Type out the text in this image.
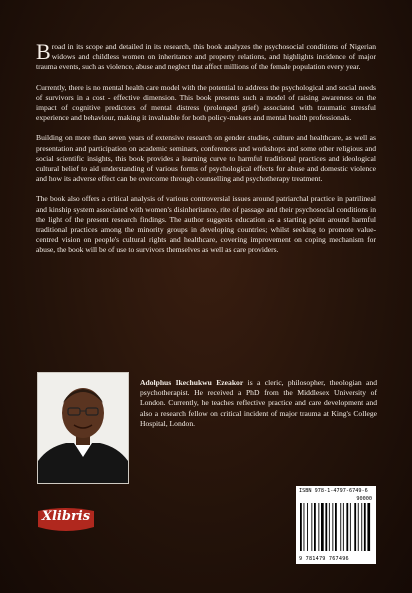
Broad in its scope and detailed in its research, this book analyzes the psychosocial conditions of Nigerian widows and childless women on inheritance and property relations, and highlights incidence of major trauma events, such as violence, abuse and neglect that affect millions of the female population every year.

Currently, there is no mental health care model with the potential to address the psychological and social needs of survivors in a cost - effective dimension. This book presents such a model of raising awareness on the impact of cognitive predictors of mental distress (prolonged grief) associated with traumatic stressful experience and behaviour, making it invaluable for both policy-makers and mental health professionals.

Building on more than seven years of extensive research on gender studies, culture and healthcare, as well as presentation and participation on academic seminars, conferences and workshops and some other religious and social scientific insights, this book provides a learning curve to harmful traditional practices and ideological cultural belief to aid understanding of various forms of psychological effects for abuse and domestic violence and how its adverse effect can be overcome through counselling and psychotherapy treatment.

The book also offers a critical analysis of various controversial issues around patriarchal practice in patrilineal and kinship system associated with women's disinheritance, rite of passage and their psychosocial conditions in the light of the present research findings. The author suggests education as a starting point around harmful traditional practices among the minority groups in developing countries; whilst seeking to promote value-centred vision on people's cultural rights and healthcare, covering improvement on coping mechanism for abuse, the book will be of use to survivors themselves as well as care providers.

Adolphus Ikechukwu Ezeakor is a cleric, philosopher, theologian and psychotherapist. He received a PhD from the Middlesex University of London. Currently, he teaches reflective practice and care development and also a research fellow on critical incident of major trauma at King's College Hospital, London.
Xlibris
ISBN 978-1-4797-6749-6
90000
9 781479 767496
